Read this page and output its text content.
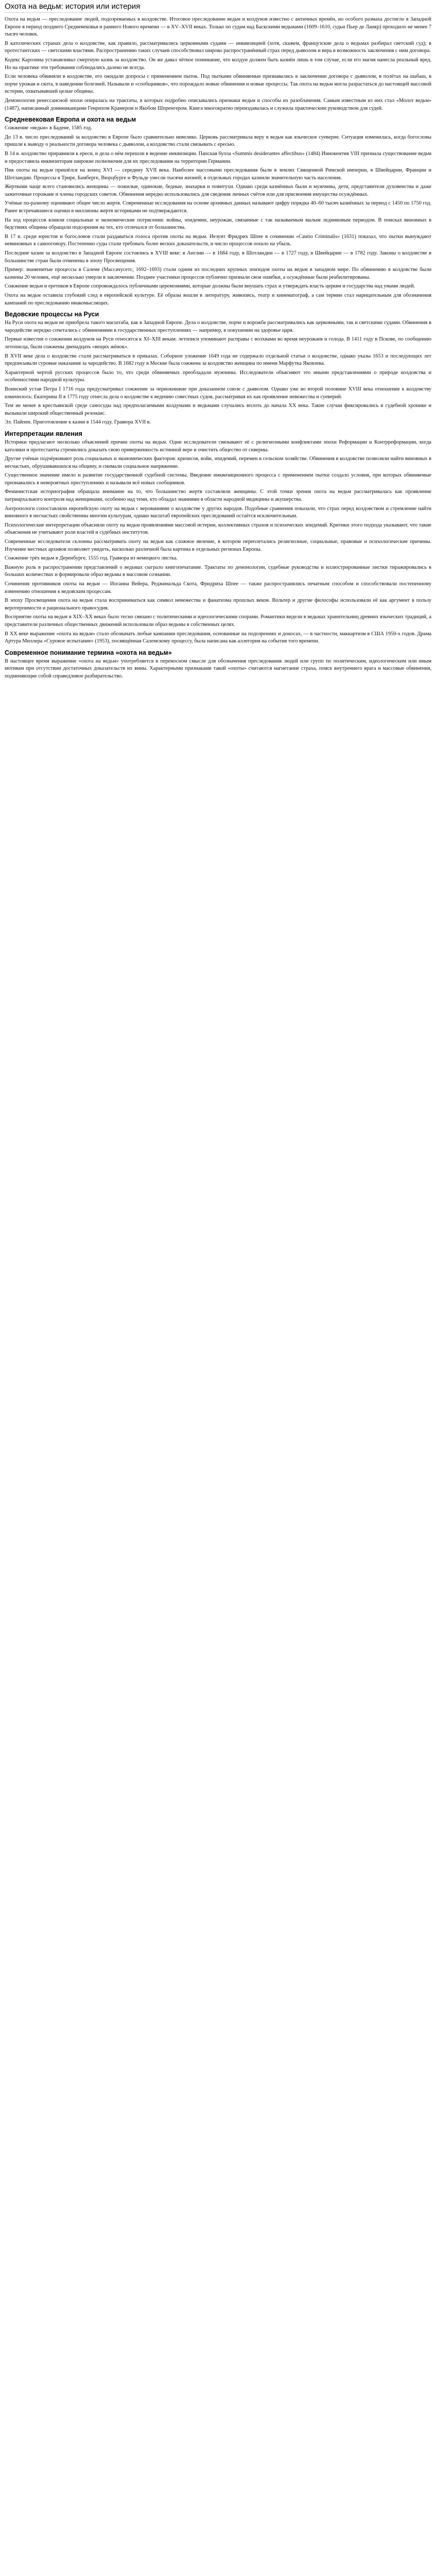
Охота на ведьм: история или истерия

Охота на ведьм — преследование людей, подозреваемых в колдовстве. Итоговое преследование ведьм и колдунов известно с античных времён, но особого размаха достигло в Западной Европе в период позднего Средневековья и раннего Нового времени — в XV–XVII веках. Только по судам над Баскскими ведьмами (1609–1610, судьи Пьер де Ланкр) проходило не менее 7 тысяч человек.

В католических странах дела о колдовстве, как правило, рассматривались церковными судами — инквизицией (хотя, скажем, французские дела о ведьмах разбирал светский суд); в протестантских — светскими властями. Распространению таких случаев способствовал широко распространённый страх перед дьяволом и вера в возможность заключения с ним договора.

Кодекс Каролина устанавливал смертную казнь за колдовство. Он же давал чёткое понимание, что колдун должен быть казнён лишь в том случае, если его магия нанесла реальный вред. Но на практике эти требования соблюдались далеко не всегда.

Если человека обвиняли в колдовстве, его ожидали допросы с применением пыток. Под пытками обвиняемые признавались в заключении договора с дьяволом, в полётах на шабаш, в порче урожая и скота, в наведении болезней. Называли и «сообщников», что порождало новые обвинения и новые процессы. Так охота на ведьм могла разрастаться до настоящей массовой истерии, охватывавшей целые общины.

Демонология ренессансной эпохи опиралась на трактаты, в которых подробно описывались признаки ведьм и способы их разоблачения. Самым известным из них стал «Молот ведьм» (1487), написанный доминиканцами Генрихом Крамером и Якобом Шпренгером. Книга многократно переиздавалась и служила практическим руководством для судей.

Средневековая Европа и охота на ведьм

Сожжение «ведьм» в Бадене, 1585 год.

До 13 в. число преследований за колдовство в Европе было сравнительно невелико. Церковь рассматривала веру в ведьм как языческое суеверие. Ситуация изменилась, когда богословы пришли к выводу о реальности договора человека с дьяволом, а колдовство стали связывать с ересью.

В 14 в. колдовство приравняли к ереси, и дела о нём перешли в ведение инквизиции. Папская булла «Summis desiderantes affectibus» (1484) Иннокентия VIII признала существование ведьм и предоставила инквизиторам широкие полномочия для их преследования на территории Германии.

Пик охоты на ведьм пришёлся на конец XVI — середину XVII века. Наиболее массовыми преследования были в землях Священной Римской империи, в Швейцарии, Франции и Шотландии. Процессы в Трире, Бамберге, Вюрцбурге и Фульде унесли тысячи жизней; в отдельных городах казнили значительную часть населения.

Жертвами чаще всего становились женщины — пожилые, одинокие, бедные, знахарки и повитухи. Однако среди казнённых были и мужчины, дети, представители духовенства и даже зажиточные горожане и члены городских советов. Обвинения нередко использовались для сведения личных счётов или для присвоения имущества осуждённых.

Учёные по-разному оценивают общее число жертв. Современные исследования на основе архивных данных называют цифру порядка 40–60 тысяч казнённых за период с 1450 по 1750 год. Ранее встречавшиеся оценки в миллионы жертв историками не подтверждаются.

На ход процессов влияли социальные и экономические потрясения: войны, эпидемии, неурожаи, связанные с так называемым малым ледниковым периодом. В поисках виновных в бедствиях общины обращали подозрения на тех, кто отличался от большинства.

В 17 в. среди юристов и богословов стали раздаваться голоса против охоты на ведьм. Иезуит Фридрих Шпее в сочинении «Cautio Criminalis» (1631) показал, что пытки вынуждают невиновных к самооговору. Постепенно суды стали требовать более веских доказательств, и число процессов пошло на убыль.

Последние казни за колдовство в Западной Европе состоялись в XVIII веке: в Англии — в 1684 году, в Шотландии — в 1727 году, в Швейцарии — в 1782 году. Законы о колдовстве в большинстве стран были отменены в эпоху Просвещения.

Пример: знаменитые процессы в Салеме (Массачусетс, 1692–1693) стали одним из последних крупных эпизодов охоты на ведьм в западном мире. По обвинению в колдовстве были казнены 20 человек, ещё несколько умерли в заключении. Позднее участники процессов публично признали свои ошибки, а осуждённые были реабилитированы.

Сожжение ведьм и еретиков в Европе сопровождалось публичными церемониями, которые должны были внушать страх и утверждать власть церкви и государства над умами людей.

Охота на ведьм оставила глубокий след в европейской культуре. Её образы вошли в литературу, живопись, театр и кинематограф, а сам термин стал нарицательным для обозначения кампаний по преследованию инакомыслящих.

Ведовские процессы на Руси

На Руси охота на ведьм не приобрела такого масштаба, как в Западной Европе. Дела о колдовстве, порче и ворожбе рассматривались как церковными, так и светскими судами. Обвинения в чародействе нередко сочетались с обвинениями в государственных преступлениях — например, в покушении на здоровье царя.

Первые известия о сожжении колдунов на Руси относятся к XI–XIII векам: летописи упоминают расправы с волхвами во время неурожаев и голода. В 1411 году в Пскове, по сообщению летописца, были сожжены двенадцать «вещих жёнок».

В XVII веке дела о колдовстве стали рассматриваться в приказах. Соборное уложение 1649 года не содержало отдельной статьи о колдовстве, однако указы 1653 и последующих лет предписывали суровые наказания за чародейство. В 1682 году в Москве была сожжена за колдовство женщина по имени Марфутка Яковлева.

Характерной чертой русских процессов было то, что среди обвиняемых преобладали мужчины. Исследователи объясняют это иными представлениями о природе колдовства и особенностями народной культуры.

Воинский устав Петра I 1716 года предусматривал сожжение за чернокнижие при доказанном союзе с дьяволом. Однако уже во второй половине XVIII века отношение к колдовству изменилось: Екатерина II в 1775 году отнесла дела о колдовстве к ведению совестных судов, рассматривая их как проявление невежества и суеверий.

Тем не менее в крестьянской среде самосуды над предполагаемыми колдунами и ведьмами случались вплоть до начала XX века. Такие случаи фиксировались в судебной хронике и вызывали широкий общественный резонанс.

Эл. Пайпен. Приготовление к казни в 1544 году. Гравюра XVII в.

Интерпретации явления

Историки предлагают несколько объяснений причин охоты на ведьм. Одни исследователи связывают её с религиозными конфликтами эпохи Реформации и Контрреформации, когда католики и протестанты стремились доказать свою приверженность истинной вере и очистить общество от скверны.

Другие учёные подчёркивают роль социальных и экономических факторов: кризисов, войн, эпидемий, перемен в сельском хозяйстве. Обвинения в колдовстве позволяли найти виновных в несчастьях, обрушивавшихся на общину, и снимали социальное напряжение.

Существенное значение имело и развитие государственной судебной системы. Введение инквизиционного процесса с применением пытки создало условия, при которых обвиняемые признавались в невероятных преступлениях и называли всё новых сообщников.

Феминистская историография обращала внимание на то, что большинство жертв составляли женщины. С этой точки зрения охота на ведьм рассматривалась как проявление патриархального контроля над женщинами, особенно над теми, кто обладал знаниями в области народной медицины и акушерства.

Антропологи сопоставляли европейскую охоту на ведьм с верованиями о колдовстве у других народов. Подобные сравнения показали, что страх перед колдовством и стремление найти виновного в несчастьях свойственны многим культурам, однако масштаб европейских преследований остаётся исключительным.

Психологические интерпретации объясняли охоту на ведьм проявлениями массовой истерии, коллективных страхов и психических эпидемий. Критики этого подхода указывают, что такие объяснения не учитывают роли властей и судебных институтов.

Современные исследователи склонны рассматривать охоту на ведьм как сложное явление, в котором переплетались религиозные, социальные, правовые и психологические причины. Изучение местных архивов позволяет увидеть, насколько различной была картина в отдельных регионах Европы.

Сожжение трёх ведьм в Деренбурге, 1555 год. Гравюра из немецкого листка.

Важную роль в распространении представлений о ведьмах сыграло книгопечатание. Трактаты по демонологии, судебные руководства и иллюстрированные листки тиражировались в больших количествах и формировали образ ведьмы в массовом сознании.

Сочинения противников охоты на ведьм — Иоганна Вейера, Реджинальда Скота, Фридриха Шпее — также распространялись печатным способом и способствовали постепенному изменению отношения к ведовским процессам.

В эпоху Просвещения охота на ведьм стала восприниматься как символ невежества и фанатизма прошлых веков. Вольтер и другие философы использовали её как аргумент в пользу веротерпимости и рационального правосудия.

Восприятие охоты на ведьм в XIX–XX веках было тесно связано с политическими и идеологическими спорами. Романтики видели в ведьмах хранительниц древних языческих традиций, а представители различных общественных движений использовали образ ведьмы в собственных целях.

В XX веке выражение «охота на ведьм» стало обозначать любые кампании преследования, основанные на подозрениях и доносах, — в частности, маккартизм в США 1950-х годов. Драма Артура Миллера «Суровое испытание» (1953), посвящённая Салемскому процессу, была написана как аллегория на события того времени.

Современное понимание термина «охота на ведьм»

В настоящее время выражение «охота на ведьм» употребляется в переносном смысле для обозначения преследования людей или групп по политическим, идеологическим или иным мотивам при отсутствии достаточных доказательств их вины. Характерными признаками такой «охоты» считаются нагнетание страха, поиск внутреннего врага и массовые обвинения, подменяющие собой справедливое разбирательство.
